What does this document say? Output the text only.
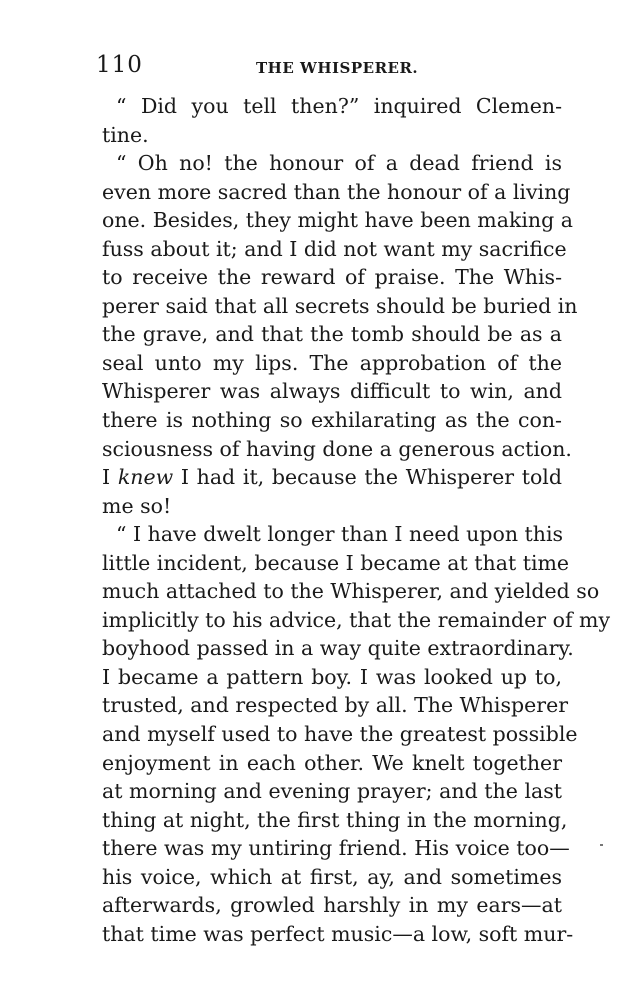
110	THE WHISPERER.
“ Did you tell then?” inquired Clemen-
tine.
“ Oh no! the honour of a dead friend is
even more sacred than the honour of a living
one. Besides, they might have been making a
fuss about it; and I did not want my sacrifice
to receive the reward of praise. The Whis-
perer said that all secrets should be buried in
the grave, and that the tomb should be as a
seal unto my lips. The approbation of the
Whisperer was always difficult to win, and
there is nothing so exhilarating as the con-
sciousness of having done a generous action.
I knew I had it, because the Whisperer told
me so!
“ I have dwelt longer than I need upon this
little incident, because I became at that time
much attached to the Whisperer, and yielded so
implicitly to his advice, that the remainder of my
boyhood passed in a way quite extraordinary.
I became a pattern boy. I was looked up to,
trusted, and respected by all. The Whisperer
and myself used to have the greatest possible
enjoyment in each other. We knelt together
at morning and evening prayer; and the last
thing at night, the first thing in the morning,
there was my untiring friend. His voice too—
his voice, which at first, ay, and sometimes
afterwards, growled harshly in my ears—at
that time was perfect music—a low, soft mur-
